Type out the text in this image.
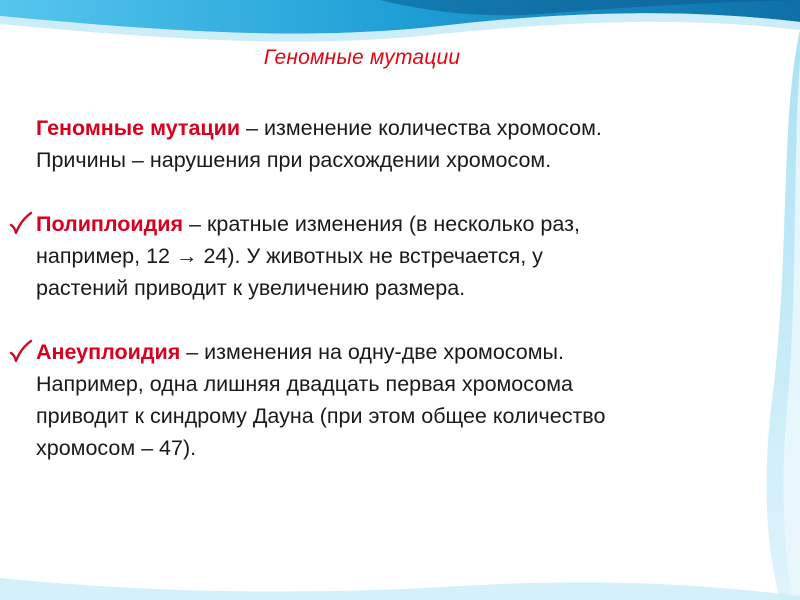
Геномные мутации

Геномные мутации – изменение количества хромосом.
Причины – нарушения при расхождении хромосом.

Полиплоидия – кратные изменения (в несколько раз,
например, 12 → 24). У животных не встречается, у
растений приводит к увеличению размера.

Анеуплоидия – изменения на одну-две хромосомы.
Например, одна лишняя двадцать первая хромосома
приводит к синдрому Дауна (при этом общее количество
хромосом – 47).
